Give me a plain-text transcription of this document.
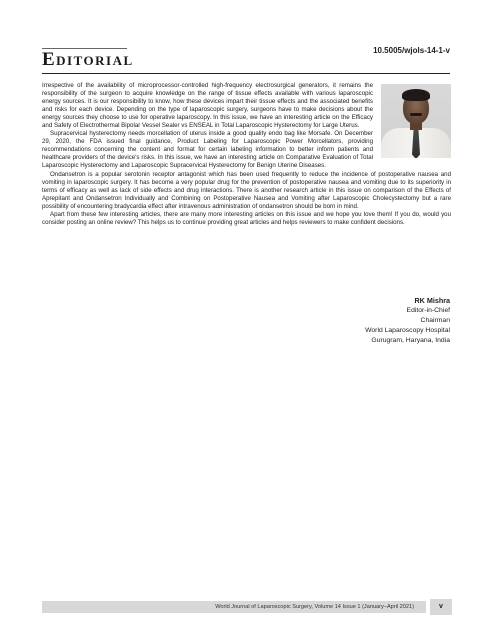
Editorial	10.5005/wjols-14-1-v

Irrespective of the availability of microprocessor-controlled high-frequency electrosurgical generators, it remains the responsibility of the surgeon to acquire knowledge on the range of tissue effects available with various laparoscopic energy sources. It is our responsibility to know, how these devices impart their tissue effects and the associated benefits and risks for each device. Depending on the type of laparoscopic surgery, surgeons have to make decisions about the energy sources they choose to use for operative laparoscopy. In this issue, we have an interesting article on the Efficacy and Safety of Electrothermal Bipolar Vessel Sealer vs ENSEAL in Total Laparoscopic Hysterectomy for Large Uterus.

Supracervical hysterectomy needs morcellation of uterus inside a good quality endo bag like Morsafe. On December 29, 2020, the FDA issued final guidance, Product Labeling for Laparoscopic Power Morcellators, providing recommendations concerning the content and format for certain labeling information to better inform patients and healthcare providers of the device's risks. In this issue, we have an interesting article on Comparative Evaluation of Total Laparoscopic Hysterectomy and Laparoscopic Supracervical Hysterectomy for Benign Uterine Diseases.

Ondansetron is a popular serotonin receptor antagonist which has been used frequently to reduce the incidence of postoperative nausea and vomiting in laparoscopic surgery. It has become a very popular drug for the prevention of postoperative nausea and vomiting due to its superiority in terms of efficacy as well as lack of side effects and drug interactions. There is another research article in this issue on comparison of the Effects of Aprepitant and Ondansetron Individually and Combining on Postoperative Nausea and Vomiting after Laparoscopic Cholecystectomy but a rare possibility of encountering bradycardia effect after intravenous administration of ondansetron should be born in mind.

Apart from these few interesting articles, there are many more interesting articles on this issue and we hope you love them! If you do, would you consider posting an online review? This helps us to continue providing great articles and helps reviewers to make confident decisions.

RK Mishra
Editor-in-Chief
Chairman
World Laparoscopy Hospital
Gurugram, Haryana, India
World Journal of Laparoscopic Surgery, Volume 14 Issue 1 (January–April 2021)	v
